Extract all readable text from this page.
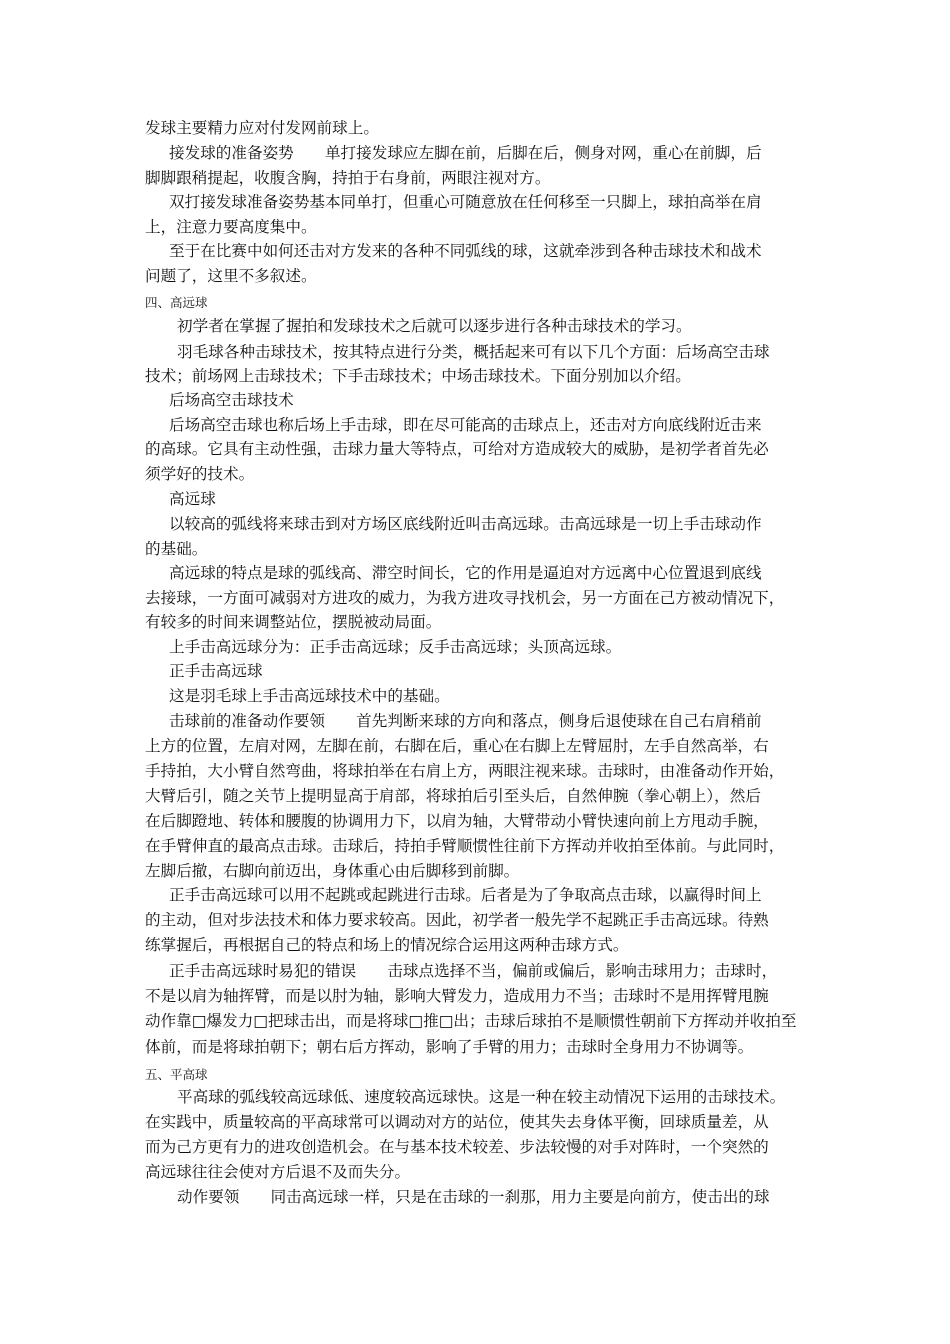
发球主要精力应对付发网前球上。
接发球的准备姿势　　单打接发球应左脚在前，后脚在后，侧身对网，重心在前脚，后
脚脚跟稍提起，收腹含胸，持拍于右身前，两眼注视对方。
双打接发球准备姿势基本同单打，但重心可随意放在任何移至一只脚上，球拍高举在肩
上，注意力要高度集中。
至于在比赛中如何还击对方发来的各种不同弧线的球，这就牵涉到各种击球技术和战术
问题了，这里不多叙述。
四、高远球
初学者在掌握了握拍和发球技术之后就可以逐步进行各种击球技术的学习。
羽毛球各种击球技术，按其特点进行分类，概括起来可有以下几个方面：后场高空击球
技术；前场网上击球技术；下手击球技术；中场击球技术。下面分别加以介绍。
后场高空击球技术
后场高空击球也称后场上手击球，即在尽可能高的击球点上，还击对方向底线附近击来
的高球。它具有主动性强，击球力量大等特点，可给对方造成较大的威胁，是初学者首先必
须学好的技术。
高远球
以较高的弧线将来球击到对方场区底线附近叫击高远球。击高远球是一切上手击球动作
的基础。
高远球的特点是球的弧线高、滞空时间长，它的作用是逼迫对方远离中心位置退到底线
去接球，一方面可减弱对方进攻的威力，为我方进攻寻找机会，另一方面在己方被动情况下，
有较多的时间来调整站位，摆脱被动局面。
上手击高远球分为：正手击高远球；反手击高远球；头顶高远球。
正手击高远球
这是羽毛球上手击高远球技术中的基础。
击球前的准备动作要领　　首先判断来球的方向和落点，侧身后退使球在自己右肩稍前
上方的位置，左肩对网，左脚在前，右脚在后，重心在右脚上左臂屈肘，左手自然高举，右
手持拍，大小臂自然弯曲，将球拍举在右肩上方，两眼注视来球。击球时，由准备动作开始，
大臂后引，随之关节上提明显高于肩部，将球拍后引至头后，自然伸腕（拳心朝上），然后
在后脚蹬地、转体和腰腹的协调用力下，以肩为轴，大臂带动小臂快速向前上方甩动手腕，
在手臂伸直的最高点击球。击球后，持拍手臂顺惯性往前下方挥动并收拍至体前。与此同时，
左脚后撤，右脚向前迈出，身体重心由后脚移到前脚。
正手击高远球可以用不起跳或起跳进行击球。后者是为了争取高点击球，以赢得时间上
的主动，但对步法技术和体力要求较高。因此，初学者一般先学不起跳正手击高远球。待熟
练掌握后，再根据自己的特点和场上的情况综合运用这两种击球方式。
正手击高远球时易犯的错误　　击球点选择不当，偏前或偏后，影响击球用力；击球时，
不是以肩为轴挥臂，而是以肘为轴，影响大臂发力，造成用力不当；击球时不是用挥臂甩腕
动作靠□爆发力□把球击出，而是将球□推□出；击球后球拍不是顺惯性朝前下方挥动并收拍至
体前，而是将球拍朝下；朝右后方挥动，影响了手臂的用力；击球时全身用力不协调等。
五、平高球
平高球的弧线较高远球低、速度较高远球快。这是一种在较主动情况下运用的击球技术。
在实践中，质量较高的平高球常可以调动对方的站位，使其失去身体平衡，回球质量差，从
而为己方更有力的进攻创造机会。在与基本技术较差、步法较慢的对手对阵时，一个突然的
高远球往往会使对方后退不及而失分。
动作要领　　同击高远球一样，只是在击球的一刹那，用力主要是向前方，使击出的球
